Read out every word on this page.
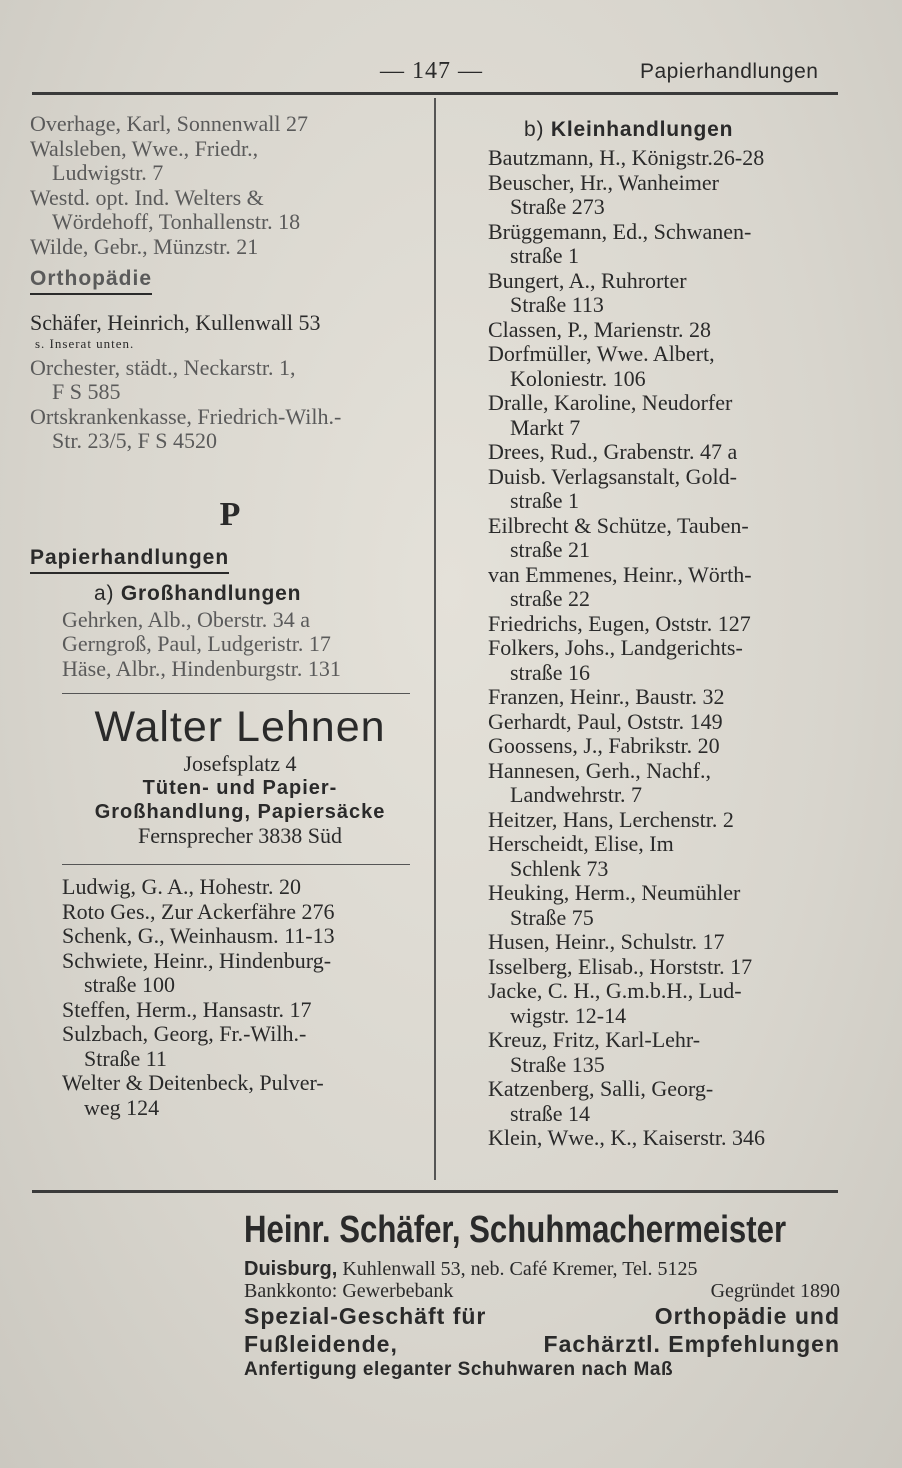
— 147 —	Papierhandlungen
Overhage, Karl, Sonnenwall 27
Walsleben, Wwe., Friedr.,
Ludwigstr. 7
Westd. opt. Ind. Welters &
Wördehoff, Tonhallenstr. 18
Wilde, Gebr., Münzstr. 21
Orthopädie
Schäfer, Heinrich, Kullenwall 53
s. Inserat unten.
Orchester, städt., Neckarstr. 1,
F S 585
Ortskrankenkasse, Friedrich-Wilh.-
Str. 23/5, F S 4520
P
Papierhandlungen
a) Großhandlungen
Gehrken, Alb., Oberstr. 34 a
Gerngroß, Paul, Ludgeristr. 17
Häse, Albr., Hindenburgstr. 131
Walter Lehnen
Josefsplatz 4
Tüten- und Papier-
Großhandlung, Papiersäcke
Fernsprecher 3838 Süd
Ludwig, G. A., Hohestr. 20
Roto Ges., Zur Ackerfähre 276
Schenk, G., Weinhausm. 11-13
Schwiete, Heinr., Hindenburg-
straße 100
Steffen, Herm., Hansastr. 17
Sulzbach, Georg, Fr.-Wilh.-
Straße 11
Welter & Deitenbeck, Pulver-
weg 124
b) Kleinhandlungen
Bautzmann, H., Königstr.26-28
Beuscher, Hr., Wanheimer
Straße 273
Brüggemann, Ed., Schwanen-
straße 1
Bungert, A., Ruhrorter
Straße 113
Classen, P., Marienstr. 28
Dorfmüller, Wwe. Albert,
Koloniestr. 106
Dralle, Karoline, Neudorfer
Markt 7
Drees, Rud., Grabenstr. 47 a
Duisb. Verlagsanstalt, Gold-
straße 1
Eilbrecht & Schütze, Tauben-
straße 21
van Emmenes, Heinr., Wörth-
straße 22
Friedrichs, Eugen, Oststr. 127
Folkers, Johs., Landgerichts-
straße 16
Franzen, Heinr., Baustr. 32
Gerhardt, Paul, Oststr. 149
Goossens, J., Fabrikstr. 20
Hannesen, Gerh., Nachf.,
Landwehrstr. 7
Heitzer, Hans, Lerchenstr. 2
Herscheidt, Elise, Im
Schlenk 73
Heuking, Herm., Neumühler
Straße 75
Husen, Heinr., Schulstr. 17
Isselberg, Elisab., Horststr. 17
Jacke, C. H., G.m.b.H., Lud-
wigstr. 12-14
Kreuz, Fritz, Karl-Lehr-
Straße 135
Katzenberg, Salli, Georg-
straße 14
Klein, Wwe., K., Kaiserstr. 346
Heinr. Schäfer, Schuhmachermeister
Duisburg, Kuhlenwall 53, neb. Café Kremer, Tel. 5125
Bankkonto: Gewerbebank	Gegründet 1890
Spezial-Geschäft für	Orthopädie und
Fußleidende,	Fachärztl. Empfehlungen
Anfertigung eleganter Schuhwaren nach Maß
